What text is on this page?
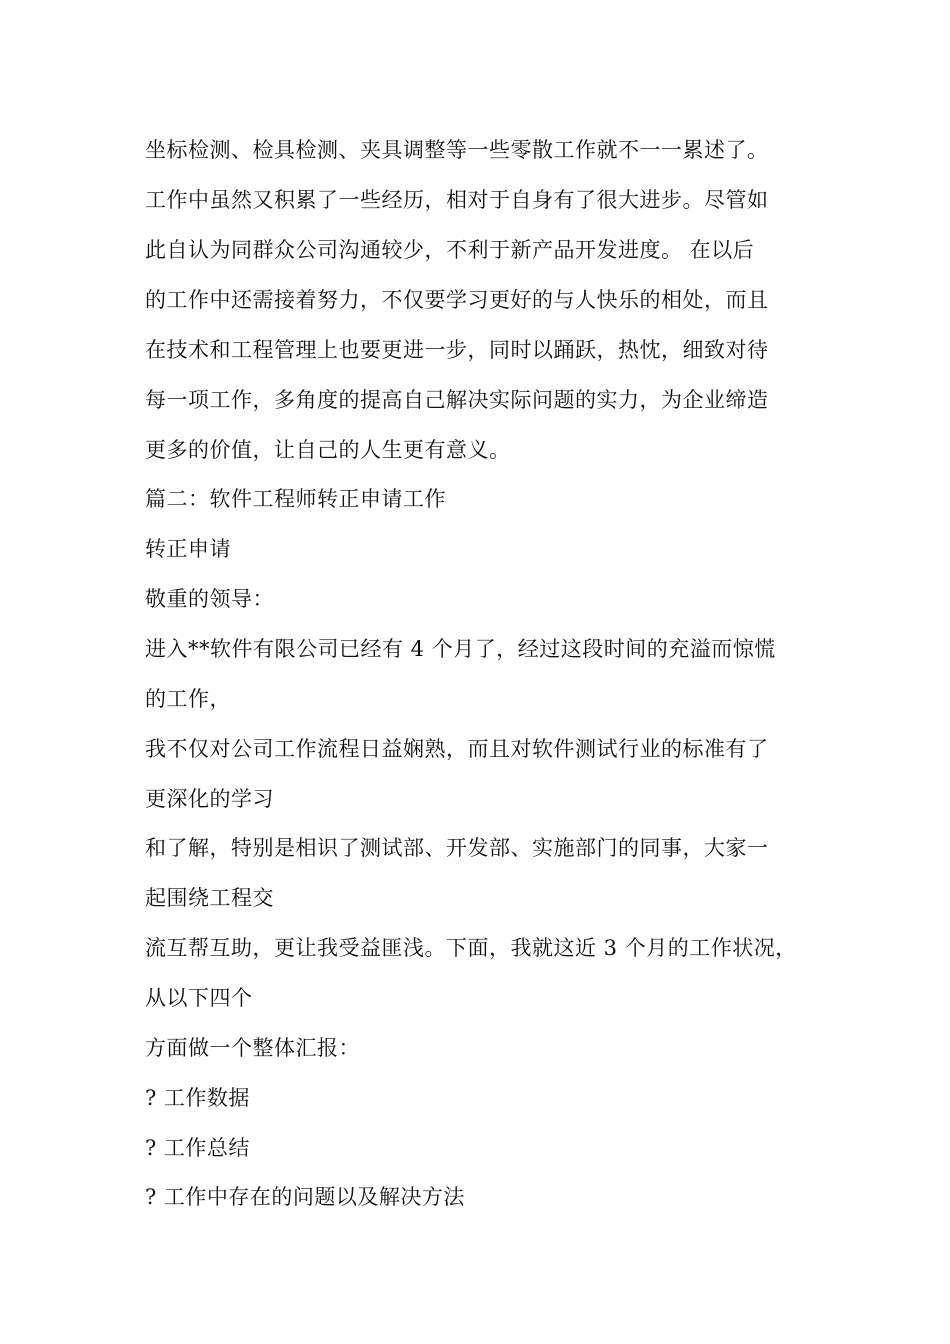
坐标检测、检具检测、夹具调整等一些零散工作就不一一累述了。
工作中虽然又积累了一些经历，相对于自身有了很大进步。尽管如
此自认为同群众公司沟通较少，不利于新产品开发进度。 在以后
的工作中还需接着努力，不仅要学习更好的与人快乐的相处，而且
在技术和工程管理上也要更进一步，同时以踊跃，热忱，细致对待
每一项工作，多角度的提高自己解决实际问题的实力，为企业缔造
更多的价值，让自己的人生更有意义。
篇二：软件工程师转正申请工作
转正申请
敬重的领导：
进入**软件有限公司已经有 4 个月了，经过这段时间的充溢而惊慌
的工作，
我不仅对公司工作流程日益娴熟，而且对软件测试行业的标准有了
更深化的学习
和了解，特别是相识了测试部、开发部、实施部门的同事，大家一
起围绕工程交
流互帮互助，更让我受益匪浅。下面，我就这近 3 个月的工作状况，
从以下四个
方面做一个整体汇报：
? 工作数据
? 工作总结
? 工作中存在的问题以及解决方法
